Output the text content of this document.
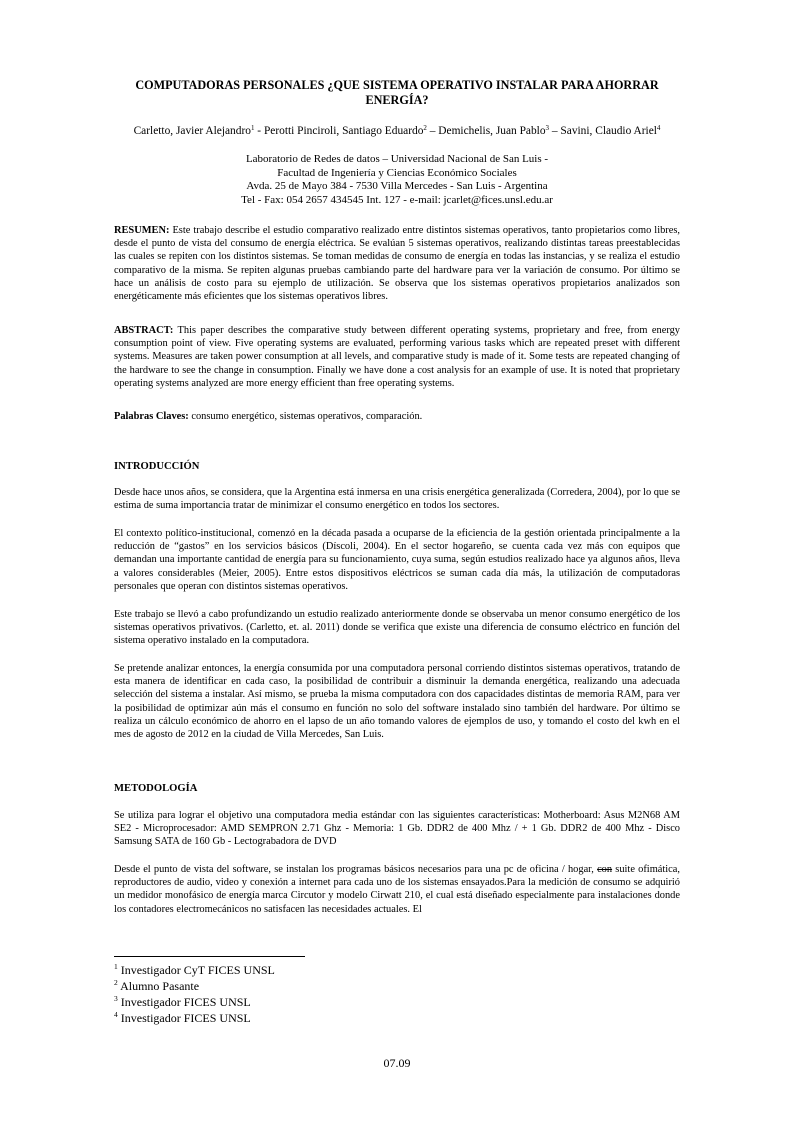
COMPUTADORAS PERSONALES ¿QUE SISTEMA OPERATIVO INSTALAR PARA AHORRAR ENERGÍA?
Carletto, Javier Alejandro$^1$ - Perotti Pinciroli, Santiago Eduardo$^2$ – Demichelis, Juan Pablo$^3$ – Savini, Claudio Ariel$^4$
Laboratorio de Redes de datos – Universidad Nacional de San Luis -
Facultad de Ingeniería y Ciencias Económico Sociales
Avda. 25 de Mayo 384 - 7530 Villa Mercedes - San Luis - Argentina
Tel - Fax: 054 2657 434545 Int. 127 - e-mail: jcarlet@fices.unsl.edu.ar

RESUMEN: Este trabajo describe el estudio comparativo realizado entre distintos sistemas operativos, tanto propietarios como libres, desde el punto de vista del consumo de energía eléctrica. Se evalúan 5 sistemas operativos, realizando distintas tareas preestablecidas las cuales se repiten con los distintos sistemas. Se toman medidas de consumo de energía en todas las instancias, y se realiza el estudio comparativo de la misma. Se repiten algunas pruebas cambiando parte del hardware para ver la variación de consumo. Por último se hace un análisis de costo para su ejemplo de utilización. Se observa que los sistemas operativos propietarios analizados son energéticamente más eficientes que los sistemas operativos libres.

ABSTRACT: This paper describes the comparative study between different operating systems, proprietary and free, from energy consumption point of view. Five operating systems are evaluated, performing various tasks which are repeated preset with different systems. Measures are taken power consumption at all levels, and comparative study is made of it. Some tests are repeated changing of the hardware to see the change in consumption. Finally we have done a cost analysis for an example of use. It is noted that proprietary operating systems analyzed are more energy efficient than free operating systems.

Palabras Claves: consumo energético, sistemas operativos, comparación.

INTRODUCCIÓN

Desde hace unos años, se considera, que la Argentina está inmersa en una crisis energética generalizada (Corredera, 2004), por lo que se estima de suma importancia tratar de minimizar el consumo energético en todos los sectores.

El contexto político-institucional, comenzó en la década pasada a ocuparse de la eficiencia de la gestión orientada principalmente a la reducción de “gastos” en los servicios básicos (Díscoli, 2004). En el sector hogareño, se cuenta cada vez más con equipos que demandan una importante cantidad de energía para su funcionamiento, cuya suma, según estudios realizado hace ya algunos años, lleva a valores considerables (Meier, 2005). Entre estos dispositivos eléctricos se suman cada día más, la utilización de computadoras personales que operan con distintos sistemas operativos.

Este trabajo se llevó a cabo profundizando un estudio realizado anteriormente donde se observaba un menor consumo energético de los sistemas operativos privativos. (Carletto, et. al. 2011) donde se verifica que existe una diferencia de consumo eléctrico en función del sistema operativo instalado en la computadora.

Se pretende analizar entonces, la energía consumida por una computadora personal corriendo distintos sistemas operativos, tratando de esta manera de identificar en cada caso, la posibilidad de contribuir a disminuir la demanda energética, realizando una adecuada selección del sistema a instalar. Así mismo, se prueba la misma computadora con dos capacidades distintas de memoria RAM, para ver la posibilidad de optimizar aún más el consumo en función no solo del software instalado sino también del hardware. Por último se realiza un cálculo económico de ahorro en el lapso de un año tomando valores de ejemplos de uso, y tomando el costo del kwh en el mes de agosto de 2012 en la ciudad de Villa Mercedes, San Luis.

METODOLOGÍA

Se utiliza para lograr el objetivo una computadora media estándar con las siguientes características: Motherboard: Asus M2N68 AM SE2 - Microprocesador: AMD SEMPRON 2.71 Ghz - Memoria: 1 Gb. DDR2 de 400 Mhz / + 1 Gb. DDR2 de 400 Mhz - Disco Samsung SATA de 160 Gb - Lectograbadora de DVD

Desde el punto de vista del software, se instalan los programas básicos necesarios para una pc de oficina / hogar, con suite ofimática, reproductores de audio, video y conexión a internet para cada uno de los sistemas ensayados.Para la medición de consumo se adquirió un medidor monofásico de energía marca Circutor y modelo Cirwatt 210, el cual está diseñado especialmente para instalaciones donde los contadores electromecánicos no satisfacen las necesidades actuales. El

$^1$ Investigador CyT FICES UNSL
$^2$ Alumno Pasante
$^3$ Investigador FICES UNSL
$^4$ Investigador FICES UNSL
07.09
